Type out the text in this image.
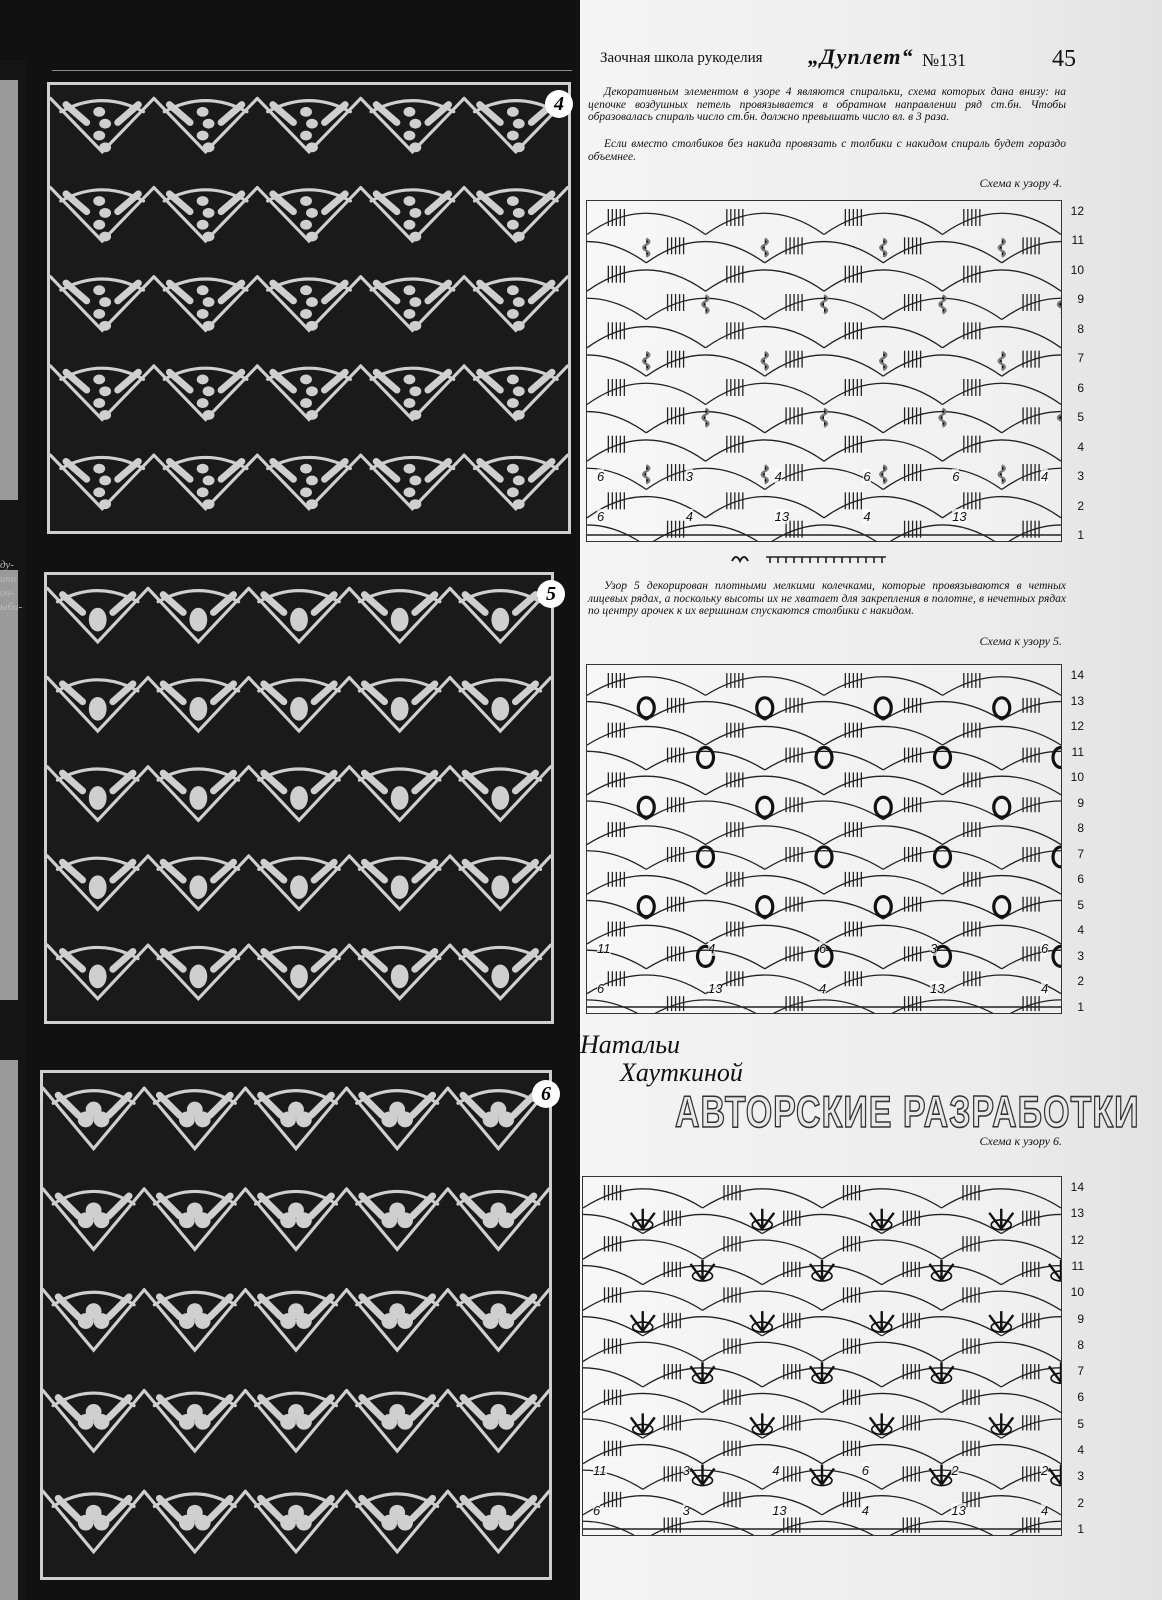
ду- ики оч- ыби-
4
5
6
Заочная школа рукоделия „Дуплет“ №131	45
Декоративным элементом в узоре 4 являются спиральки, схема которых дана внизу: на цепочке воздушных петель провязывается в обратном направлении ряд ст.бн. Чтобы образовалась спираль число ст.бн. должно превышать число вл. в 3 раза.
Если вместо столбиков без накида провязать с толбики с накидом спираль будет гораздо объемнее.
Схема к узору 4.
6	3	4	6	6	4
6	4	13	4	13
12
11
10
9
8
7
6
5
4
3
2
1
Узор 5 декорирован плотными мелкими колечками, которые провязываются в четных лицевых рядах, а поскольку высоты их не хватает для закрепления в полотне, в нечетных рядах по центру арочек к их вершинам спускаются столбики с накидом.
Схема к узору 5.
11	4	6	3	6
6	13	4	13	4
14
13
12
11
10
9
8
7
6
5
4
3
2
1
Натальи
Хауткиной
АВТОРСКИЕ РАЗРАБОТКИ
Схема к узору 6.
11	3	4	6	2	2
6	3	13	4	13	4
14
13
12
11
10
9
8
7
6
5
4
3
2
1
